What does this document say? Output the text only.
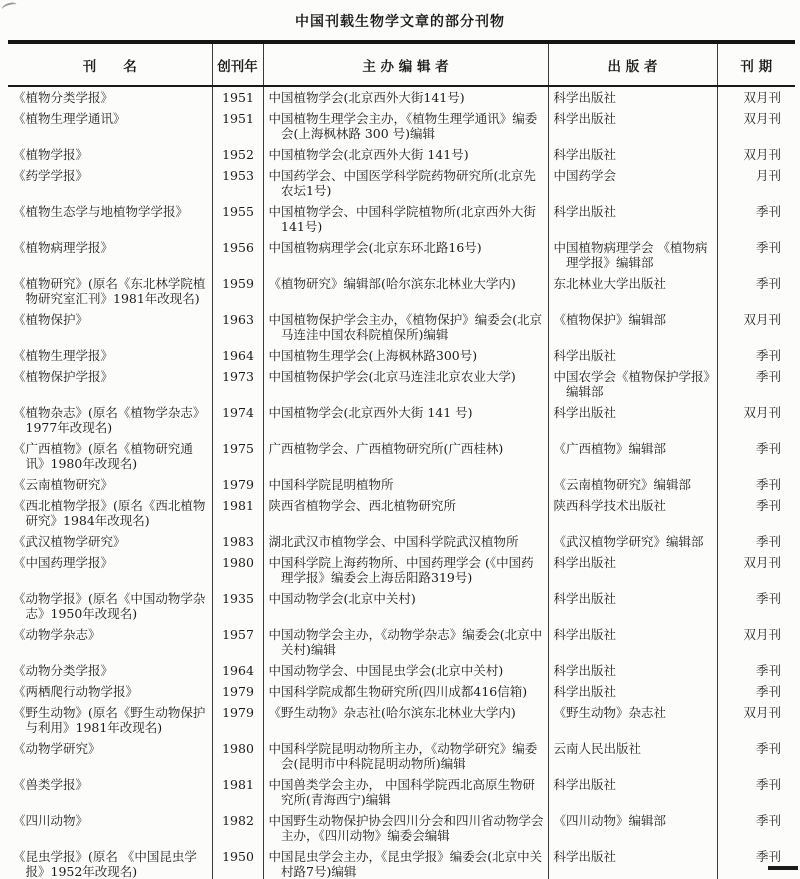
中国刊载生物学文章的部分刊物
刊　　名	创刊年	主 办 编 辑 者	出 版 者	刊 期

《植物分类学报》	1951	中国植物学会(北京西外大街141号)	科学出版社	双月刊

《植物生理学通讯》	1951	中国植物生理学会主办，《植物生理学通讯》编委会(上海枫林路 300 号)编辑	科学出版社	双月刊

《植物学报》	1952	中国植物学会(北京西外大街 141号)	科学出版社	双月刊

《药学学报》	1953	中国药学会、中国医学科学院药物研究所(北京先农坛1号)	中国药学会	月刊

《植物生态学与地植物学学报》	1955	中国植物学会、中国科学院植物所(北京西外大街141号)	科学出版社	季刊

《植物病理学报》	1956	中国植物病理学会(北京东环北路16号)	中国植物病理学会 《植物病理学报》编辑部	季刊

《植物研究》(原名《东北林学院植物研究室汇刊》1981年改现名)	1959	《植物研究》编辑部(哈尔滨东北林业大学内)	东北林业大学出版社	季刊

《植物保护》	1963	中国植物保护学会主办，《植物保护》编委会(北京马连洼中国农科院植保所)编辑	《植物保护》编辑部	双月刊

《植物生理学报》	1964	中国植物生理学会(上海枫林路300号)	科学出版社	季刊

《植物保护学报》	1973	中国植物保护学会(北京马连洼北京农业大学)	中国农学会《植物保护学报》编辑部	季刊

《植物杂志》(原名《植物学杂志》1977年改现名)	1974	中国植物学会(北京西外大街 141 号)	科学出版社	双月刊

《广西植物》(原名《植物研究通讯》1980年改现名)	1975	广西植物学会、广西植物研究所(广西桂林)	《广西植物》编辑部	季刊

《云南植物研究》	1979	中国科学院昆明植物所	《云南植物研究》编辑部	季刊

《西北植物学报》(原名《西北植物研究》1984年改现名)	1981	陕西省植物学会、西北植物研究所	陕西科学技术出版社	季刊

《武汉植物学研究》	1983	湖北武汉市植物学会、中国科学院武汉植物所	《武汉植物学研究》编辑部	季刊

《中国药理学报》	1980	中国科学院上海药物所、中国药理学会 (《中国药理学报》编委会上海岳阳路319号)	科学出版社	双月刊

《动物学报》(原名《中国动物学杂志》1950年改现名)	1935	中国动物学会(北京中关村)	科学出版社	季刊

《动物学杂志》	1957	中国动物学会主办，《动物学杂志》编委会(北京中关村)编辑	科学出版社	双月刊

《动物分类学报》	1964	中国动物学会、中国昆虫学会(北京中关村)	科学出版社	季刊

《两栖爬行动物学报》	1979	中国科学院成都生物研究所(四川成都416信箱)	科学出版社	季刊

《野生动物》(原名《野生动物保护与利用》1981年改现名)	1979	《野生动物》杂志社(哈尔滨东北林业大学内)	《野生动物》杂志社	双月刊

《动物学研究》	1980	中国科学院昆明动物所主办，《动物学研究》编委会(昆明市中科院昆明动物所)编辑	云南人民出版社	季刊

《兽类学报》	1981	中国兽类学会主办， 中国科学院西北高原生物研究所(青海西宁)编辑	科学出版社	季刊

《四川动物》	1982	中国野生动物保护协会四川分会和四川省动物学会主办，《四川动物》编委会编辑	《四川动物》编辑部	季刊

《昆虫学报》(原名 《中国昆虫学报》1952年改现名)	1950	中国昆虫学会主办，《昆虫学报》编委会(北京中关村路7号)编辑	科学出版社	季刊
